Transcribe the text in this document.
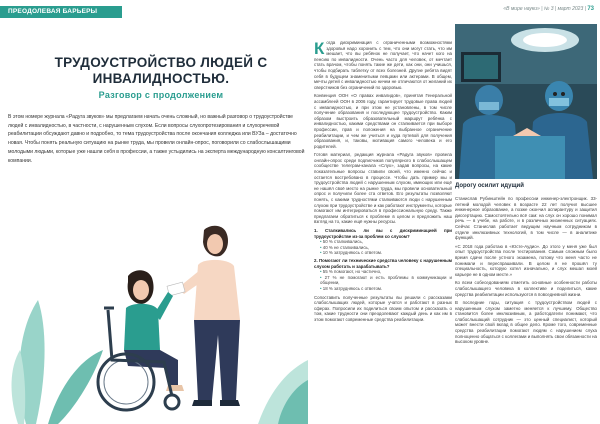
ПРЕОДОЛЕВАЯ БАРЬЕРЫ	«В мире науки» | № 3 | март 2023 | 73
ТРУДОУСТРОЙСТВО ЛЮДЕЙ С ИНВАЛИДНОСТЬЮ.
Разговор с продолжением
В этом номере журнала «Радуга звуков» мы предлагаем начать очень сложный, но важный разговор о трудоустройстве людей с инвалидностью, в частности, с нарушенным слухом. Если вопросы слухопротезирования и слухоречевой реабилитации обсуждают давно и подробно, то тема трудоустройства после окончания колледжа или ВУЗа – достаточно новая. Чтобы понять реальную ситуацию на рынке труда, мы провели онлайн-опрос, поговорили со слабослышащими молодыми людьми, которые уже нашли себя в профессии, а также устыдились на эксперта международную консалтинговой компании.

К огда дискриминация с ограниченными возможностями здоровья надо хоронить с тем, что они могут стать, что им мешает, что вы ребёнок не получает, что начет кого на пенсию по инвалидности. Очень часто для человек, от мечтает стать врачом, чтобы понять такие же дети, как они, они учишься, чтобы подбирать таблетку от всех болезней. Другие ребята видят себя в будущем знаменитыми певцами или актерами. В общем, мечты детей с инвалидностью ничем не отличаются от желаний их сверстников без ограничений по здоровью.

Конвенция ООН «О правах инвалидов», принятая Генеральной ассамблеей ООН в 2006 году, гарантирует трудовые права людей с инвалидностью, и при этом не установлены, в том числе получение образования и последующее трудоустройство. Каким образом выстроить образовательный маршрут ребёнка с инвалидностью, какими средствами он сталкивается при выборе профессии, прав и положения на выбранное ограничение реабилитации, и чем же учиться и куда путевой для получения образования, и, таковы, мотивация самого человека и его родителей.

Готовя материал, редакция журнала «Радуга звуков» провела онлайн-опрос среди подписчиков популярного в слабослышащем сообществе телеграм-канала «Слух», задав вопросы, на какие показательные вопросы ставили своей, что именно сейчас и остается востребовано в процессе. Чтобы дать пример мы и трудоустройства людей с нарушенным слухом, имеющих или ещё не нашёл своё место на рынке труда, мы провели основательный опрос и получили более ста ответов. Его результаты позволяют понять, с какими трудностями сталкиваются люди с нарушенным слухом при трудоустройстве и как работают инструменты, которые помогают им интегрироваться в профессиональную среду. Также предлагаем обратиться к проблеме в целом и предложить наш взгляд на то, какие ещё нужны ресурсы.

1. Сталкивались ли вы с дискриминацией при трудоустройстве из-за проблем со слухом?
• 50 % сталкивались,
• 40 % не сталкивались,
• 10 % затрудняюсь с ответом.
2. Помогают ли технические средства человеку с нарушенным слухом работать и зарабатывать?
• 55 % помогают, но частично,
• 27 % не помогают и есть проблемы в коммуникации и общении,
• 18 % затрудняюсь с ответом.

Сопоставить полученные результаты вы решили с рассказами слабослышащих людей, которые учатся и работают в разных сферах. Попросили их поделиться своим опытом и рассказать о том, какие трудности они преодолевают каждый день и как им в этом помогают современные средства реабилитации.

Дорогу осилит идущий

Станислав Рубинштейн по профессии инженер-электронщик. 33-летний молодой человек в возрасте 22 лет получил высшее инженерное образование, а позже окончил аспирантуру и защитил диссертацию. Самостоятельно всё сам: на слух он хорошо понимал речь — в учебе, на работе, и в различных жизненных ситуациях. Сейчас Станислав работает ведущим научным сотрудником в отделе инклюзивных технологий, в том числе — в аналитике функций.

«С 2018 года работаю в «Юсте-Аудио». До этого у меня уже был опыт трудоустройства после тестирования. Самым сложным было время сдачи после устного экзамена, потому что меня часто не понимали и переспрашивали. В целом я не прошёл ту специальность, которую хотел изначально, и слух мешал моей карьере не в одном месте.»

Ко всем собеседованиям отметить основные особенности работы слабослышащего человека в коллективе и поделиться, какие средства реабилитации используются в повседневной жизни.

В последние годы, ситуация с трудоустройством людей с нарушенным слухом заметно меняется к лучшему. Общество становится более инклюзивным, а работодатели понимают, что слабослышащий сотрудник — это ценный специалист, который может внести свой вклад в общее дело. Кроме того, современные средства реабилитации помогают людям с нарушением слуха полноценно общаться с коллегами и выполнять свои обязанности на высоком уровне.
